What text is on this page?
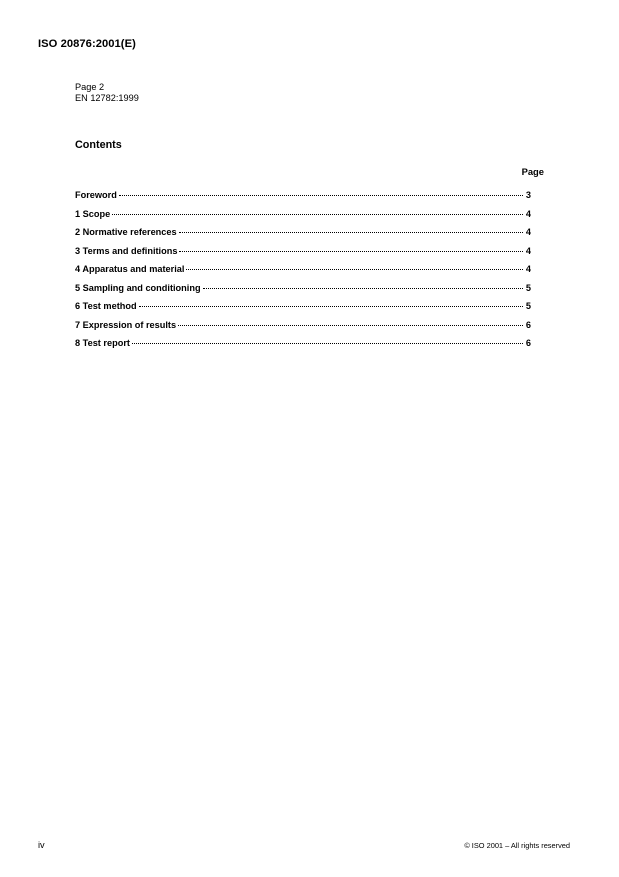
ISO 20876:2001(E)
Page 2
EN 12782:1999
Contents
Page
Foreword	3
1 Scope	4
2 Normative references	4
3 Terms and definitions	4
4 Apparatus and material	4
5 Sampling and conditioning	5
6 Test method	5
7 Expression of results	6
8 Test report	6
iv	© ISO 2001 – All rights reserved
